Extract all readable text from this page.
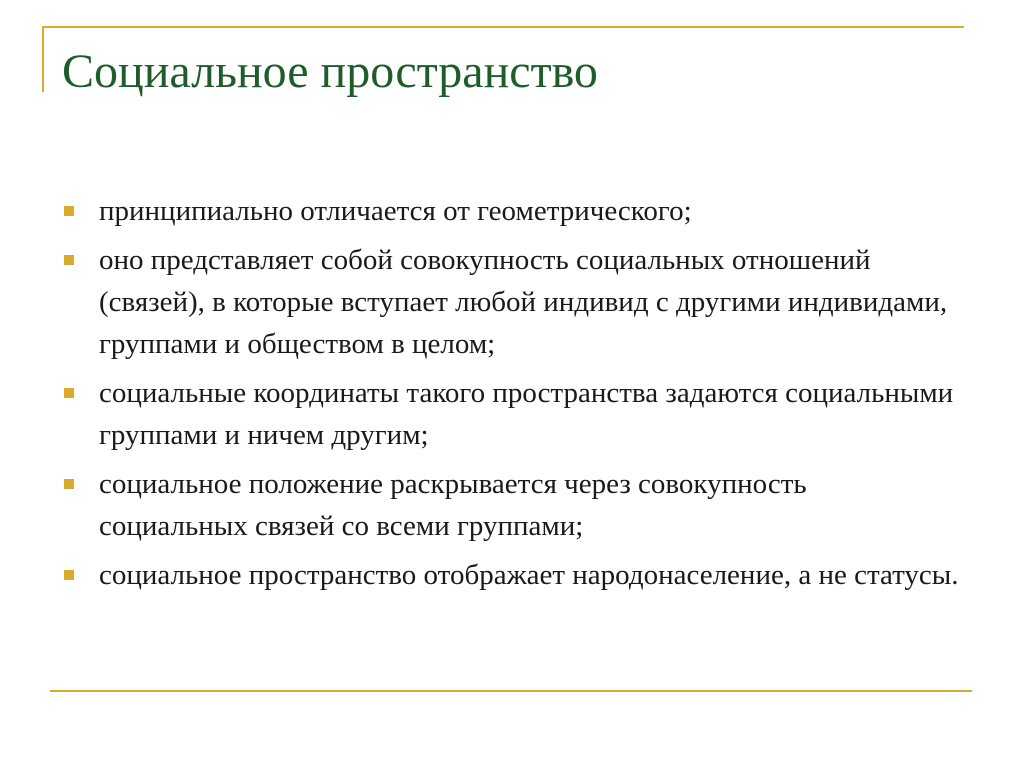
Социальное пространство
принципиально отличается от геометрического;
оно представляет собой совокупность социальных отношений (связей), в которые вступает любой индивид с другими индивидами, группами и обществом в целом;
социальные координаты такого пространства задаются социальными группами и ничем другим;
социальное положение раскрывается через совокупность социальных связей со всеми группами;
социальное пространство отображает народонаселение, а не статусы.
